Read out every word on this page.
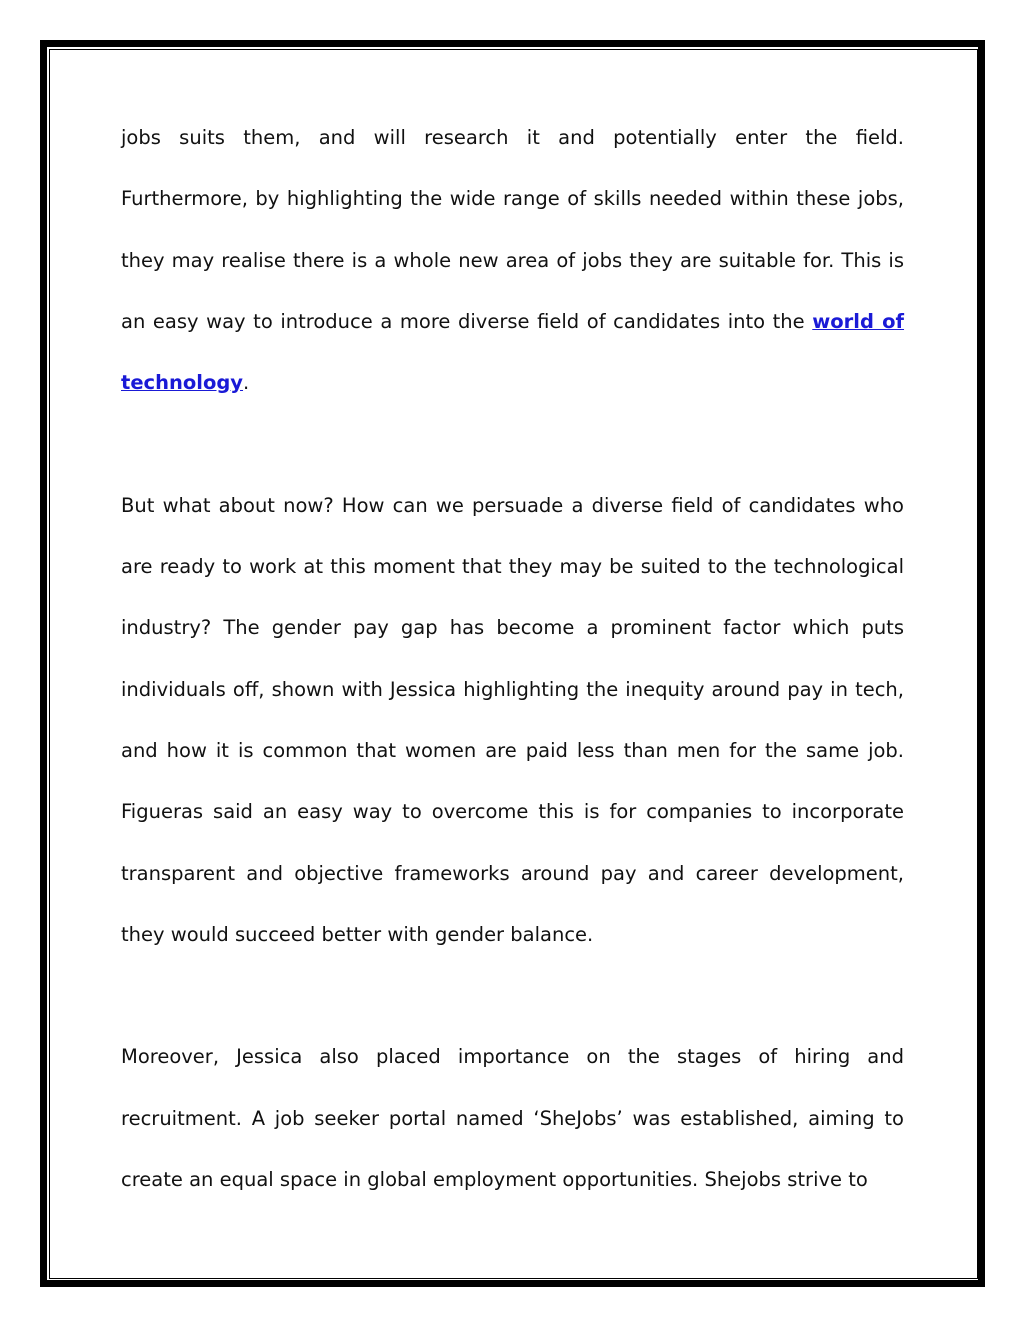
jobs suits them, and will research it and potentially enter the field. Furthermore, by highlighting the wide range of skills needed within these jobs, they may realise there is a whole new area of jobs they are suitable for. This is an easy way to introduce a more diverse field of candidates into the world of technology.

But what about now? How can we persuade a diverse field of candidates who are ready to work at this moment that they may be suited to the technological industry? The gender pay gap has become a prominent factor which puts individuals off, shown with Jessica highlighting the inequity around pay in tech, and how it is common that women are paid less than men for the same job. Figueras said an easy way to overcome this is for companies to incorporate transparent and objective frameworks around pay and career development, they would succeed better with gender balance.

Moreover, Jessica also placed importance on the stages of hiring and recruitment. A job seeker portal named ‘SheJobs’ was established, aiming to create an equal space in global employment opportunities. Shejobs strive to
